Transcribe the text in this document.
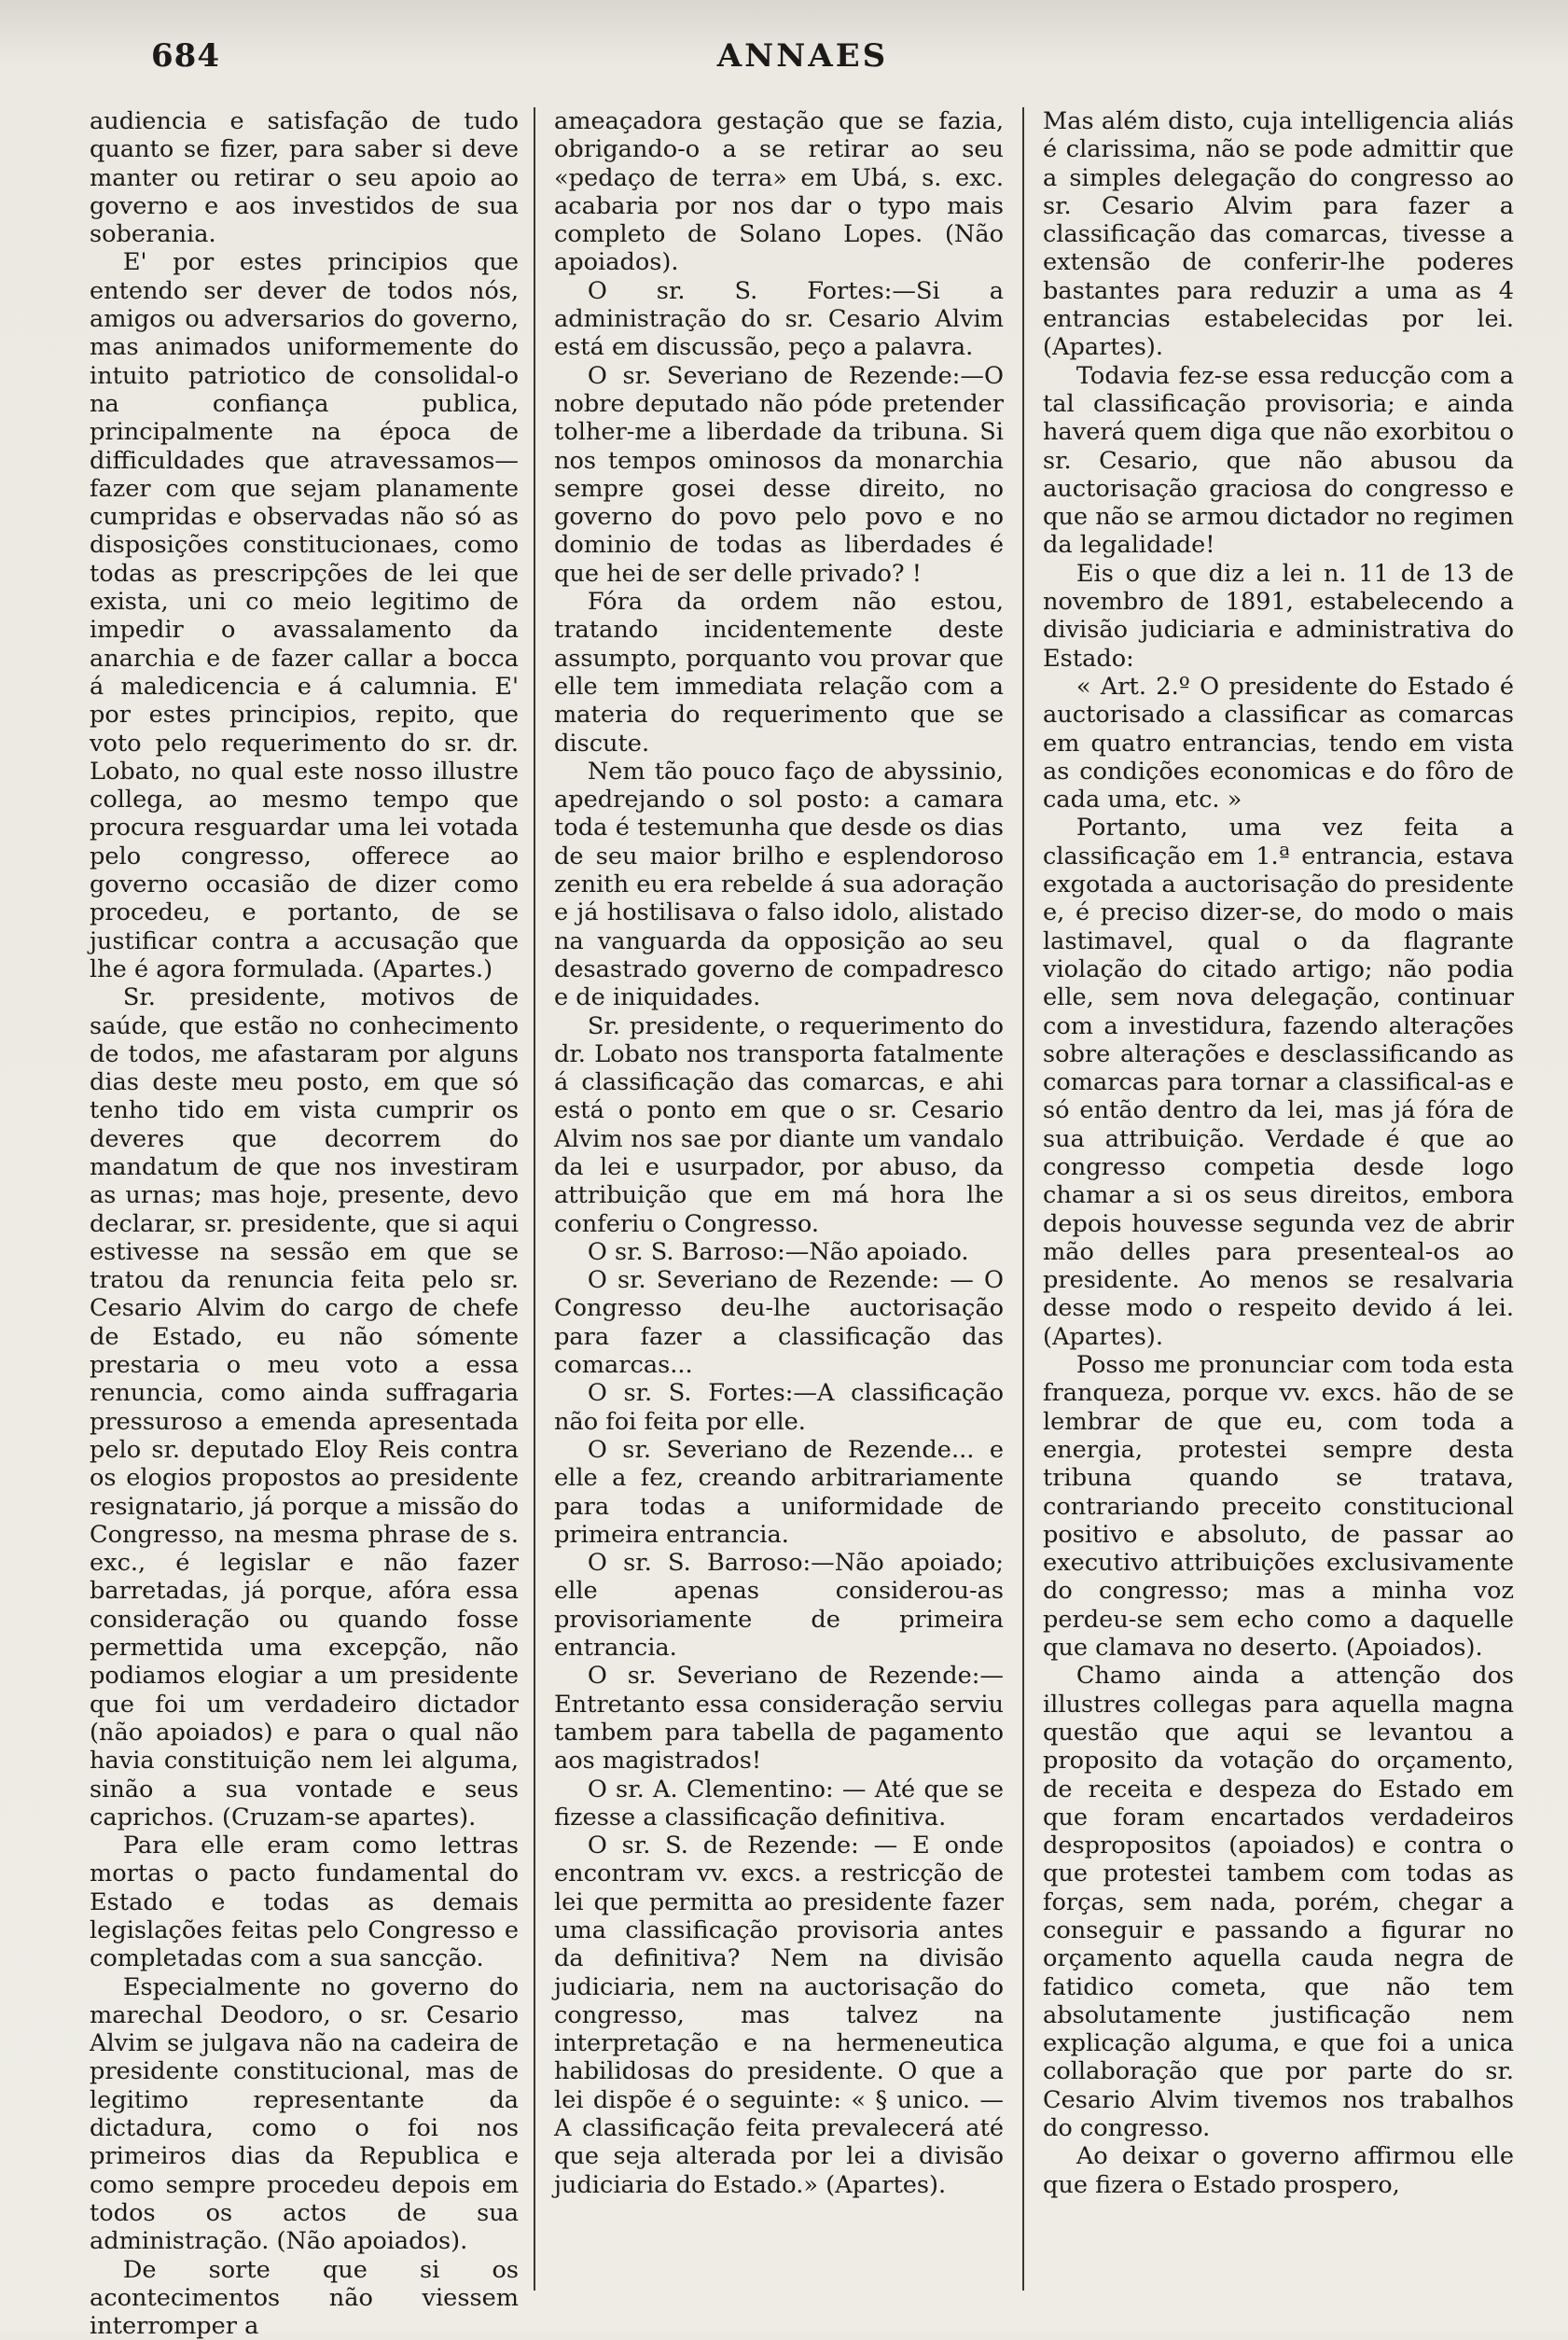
684	ANNAES

audiencia e satisfação de tudo quanto se fizer, para saber si deve manter ou retirar o seu apoio ao governo e aos investidos de sua soberania.

E' por estes principios que entendo ser dever de todos nós, amigos ou adversarios do governo, mas animados uniformemente do intuito patriotico de consolidal-o na confiança publica, principalmente na época de difficuldades que atravessamos—fazer com que sejam planamente cumpridas e observadas não só as disposições constitucionaes, como todas as prescripções de lei que exista, uni co meio legitimo de impedir o avassalamento da anarchia e de fazer callar a bocca á maledicencia e á calumnia. E' por estes principios, repito, que voto pelo requerimento do sr. dr. Lobato, no qual este nosso illustre collega, ao mesmo tempo que procura resguardar uma lei votada pelo congresso, offerece ao governo occasião de dizer como procedeu, e portanto, de se justificar contra a accusação que lhe é agora formulada. (Apartes.)

Sr. presidente, motivos de saúde, que estão no conhecimento de todos, me afastaram por alguns dias deste meu posto, em que só tenho tido em vista cumprir os deveres que decorrem do mandatum de que nos investiram as urnas; mas hoje, presente, devo declarar, sr. presidente, que si aqui estivesse na sessão em que se tratou da renuncia feita pelo sr. Cesario Alvim do cargo de chefe de Estado, eu não sómente prestaria o meu voto a essa renuncia, como ainda suffragaria pressuroso a emenda apresentada pelo sr. deputado Eloy Reis contra os elogios propostos ao presidente resignatario, já porque a missão do Congresso, na mesma phrase de s. exc., é legislar e não fazer barretadas, já porque, afóra essa consideração ou quando fosse permettida uma excepção, não podiamos elogiar a um presidente que foi um verdadeiro dictador (não apoiados) e para o qual não havia constituição nem lei alguma, sinão a sua vontade e seus caprichos. (Cruzam-se apartes).

Para elle eram como lettras mortas o pacto fundamental do Estado e todas as demais legislações feitas pelo Congresso e completadas com a sua sancção.

Especialmente no governo do marechal Deodoro, o sr. Cesario Alvim se julgava não na cadeira de presidente constitucional, mas de legitimo representante da dictadura, como o foi nos primeiros dias da Republica e como sempre procedeu depois em todos os actos de sua administração. (Não apoiados).

De sorte que si os acontecimentos não viessem interromper a

ameaçadora gestação que se fazia, obrigando-o a se retirar ao seu «pedaço de terra» em Ubá, s. exc. acabaria por nos dar o typo mais completo de Solano Lopes. (Não apoiados).

O sr. S. Fortes:—Si a administração do sr. Cesario Alvim está em discussão, peço a palavra.

O sr. Severiano de Rezende:—O nobre deputado não póde pretender tolher-me a liberdade da tribuna. Si nos tempos ominosos da monarchia sempre gosei desse direito, no governo do povo pelo povo e no dominio de todas as liberdades é que hei de ser delle privado? !

Fóra da ordem não estou, tratando incidentemente deste assumpto, porquanto vou provar que elle tem immediata relação com a materia do requerimento que se discute.

Nem tão pouco faço de abyssinio, apedrejando o sol posto: a camara toda é testemunha que desde os dias de seu maior brilho e esplendoroso zenith eu era rebelde á sua adoração e já hostilisava o falso idolo, alistado na vanguarda da opposição ao seu desastrado governo de compadresco e de iniquidades.

Sr. presidente, o requerimento do dr. Lobato nos transporta fatalmente á classificação das comarcas, e ahi está o ponto em que o sr. Cesario Alvim nos sae por diante um vandalo da lei e usurpador, por abuso, da attribuição que em má hora lhe conferiu o Congresso.

O sr. S. Barroso:—Não apoiado.

O sr. Severiano de Rezende: — O Congresso deu-lhe auctorisação para fazer a classificação das comarcas...

O sr. S. Fortes:—A classificação não foi feita por elle.

O sr. Severiano de Rezende... e elle a fez, creando arbitrariamente para todas a uniformidade de primeira entrancia.

O sr. S. Barroso:—Não apoiado; elle apenas considerou-as provisoriamente de primeira entrancia.

O sr. Severiano de Rezende:— Entretanto essa consideração serviu tambem para tabella de pagamento aos magistrados!

O sr. A. Clementino: — Até que se fizesse a classificação definitiva.

O sr. S. de Rezende: — E onde encontram vv. excs. a restricção de lei que permitta ao presidente fazer uma classificação provisoria antes da definitiva? Nem na divisão judiciaria, nem na auctorisação do congresso, mas talvez na interpretação e na hermeneutica habilidosas do presidente. O que a lei dispõe é o seguinte: « § unico. — A classificação feita prevalecerá até que seja alterada por lei a divisão judiciaria do Estado.» (Apartes).

Mas além disto, cuja intelligencia aliás é clarissima, não se pode admittir que a simples delegação do congresso ao sr. Cesario Alvim para fazer a classificação das comarcas, tivesse a extensão de conferir-lhe poderes bastantes para reduzir a uma as 4 entrancias estabelecidas por lei. (Apartes).

Todavia fez-se essa reducção com a tal classificação provisoria; e ainda haverá quem diga que não exorbitou o sr. Cesario, que não abusou da auctorisação graciosa do congresso e que não se armou dictador no regimen da legalidade!

Eis o que diz a lei n. 11 de 13 de novembro de 1891, estabelecendo a divisão judiciaria e administrativa do Estado:

« Art. 2.º O presidente do Estado é auctorisado a classificar as comarcas em quatro entrancias, tendo em vista as condições economicas e do fôro de cada uma, etc. »

Portanto, uma vez feita a classificação em 1.ª entrancia, estava exgotada a auctorisação do presidente e, é preciso dizer-se, do modo o mais lastimavel, qual o da flagrante violação do citado artigo; não podia elle, sem nova delegação, continuar com a investidura, fazendo alterações sobre alterações e desclassificando as comarcas para tornar a classifical-as e só então dentro da lei, mas já fóra de sua attribuição. Verdade é que ao congresso competia desde logo chamar a si os seus direitos, embora depois houvesse segunda vez de abrir mão delles para presenteal-os ao presidente. Ao menos se resalvaria desse modo o respeito devido á lei. (Apartes).

Posso me pronunciar com toda esta franqueza, porque vv. excs. hão de se lembrar de que eu, com toda a energia, protestei sempre desta tribuna quando se tratava, contrariando preceito constitucional positivo e absoluto, de passar ao executivo attribuições exclusivamente do congresso; mas a minha voz perdeu-se sem echo como a daquelle que clamava no deserto. (Apoiados).

Chamo ainda a attenção dos illustres collegas para aquella magna questão que aqui se levantou a proposito da votação do orçamento, de receita e despeza do Estado em que foram encartados verdadeiros despropositos (apoiados) e contra o que protestei tambem com todas as forças, sem nada, porém, chegar a conseguir e passando a figurar no orçamento aquella cauda negra de fatidico cometa, que não tem absolutamente justificação nem explicação alguma, e que foi a unica collaboração que por parte do sr. Cesario Alvim tivemos nos trabalhos do congresso.

Ao deixar o governo affirmou elle que fizera o Estado prospero,
